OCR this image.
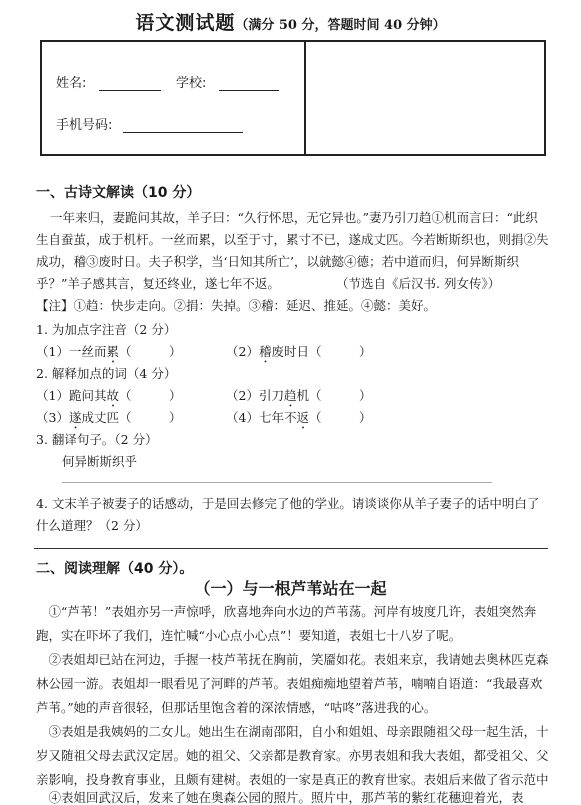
语文测试题（满分 50 分，答题时间 40 分钟）
姓名:	学校:
手机号码:
一、古诗文解读（10 分）
一年来归，妻跪问其故，羊子曰：“久行怀思，无它异也。”妻乃引刀趋①机而言曰：“此织
生自蚕茧，成于机杆。一丝而累，以至于寸，累寸不已，遂成丈匹。今若断斯织也，则捐②失
成功，稽③废时日。夫子积学，当‘日知其所亡’，以就懿④德；若中道而归，何异断斯织
乎？”羊子感其言，复还终业，遂七年不返。	（节选自《后汉书. 列女传》）
【注】①趋：快步走向。②捐：失掉。③稽：延迟、推延。④懿：美好。
1. 为加点字注音（2 分）
（1）一丝而累（　　　）	（2）稽废时日（　　　）
2. 解释加点的词（4 分）
（1）跪问其故（　　　）	（2）引刀趋机（　　　）
（3）遂成丈匹（　　　）	（4）七年不返（　　　）
3. 翻译句子。（2 分）
何异断斯织乎
4. 文末羊子被妻子的话感动，于是回去修完了他的学业。请谈谈你从羊子妻子的话中明白了
什么道理？（2 分）
二、阅读理解（40 分）。
（一）与一根芦苇站在一起
①“芦苇！”表姐亦另一声惊呼，欣喜地奔向水边的芦苇荡。河岸有坡度几许，表姐突然奔跑，实在吓坏了我们，连忙喊“小心点小心点”！要知道，表姐七十八岁了呢。
②表姐却已站在河边，手握一枝芦苇抚在胸前，笑靥如花。表姐来京，我请她去奥林匹克森林公园一游。表姐却一眼看见了河畔的芦苇。表姐痴痴地望着芦苇，喃喃自语道：“我最喜欢芦苇。”她的声音很轻，但那话里饱含着的深浓情感，“咕咚”落进我的心。
③表姐是我姨妈的二女儿。她出生在湖南邵阳，自小和姐姐、母亲跟随祖父母一起生活，十岁又随祖父母去武汉定居。她的祖父、父亲都是教育家。亦男表姐和我大表姐，都受祖父、父亲影响，投身教育事业，且颇有建树。表姐的一家是真正的教育世家。表姐后来做了省示范中
④表姐回武汉后，发来了她在奥森公园的照片。照片中，那芦苇的紫红花穗迎着光，表
